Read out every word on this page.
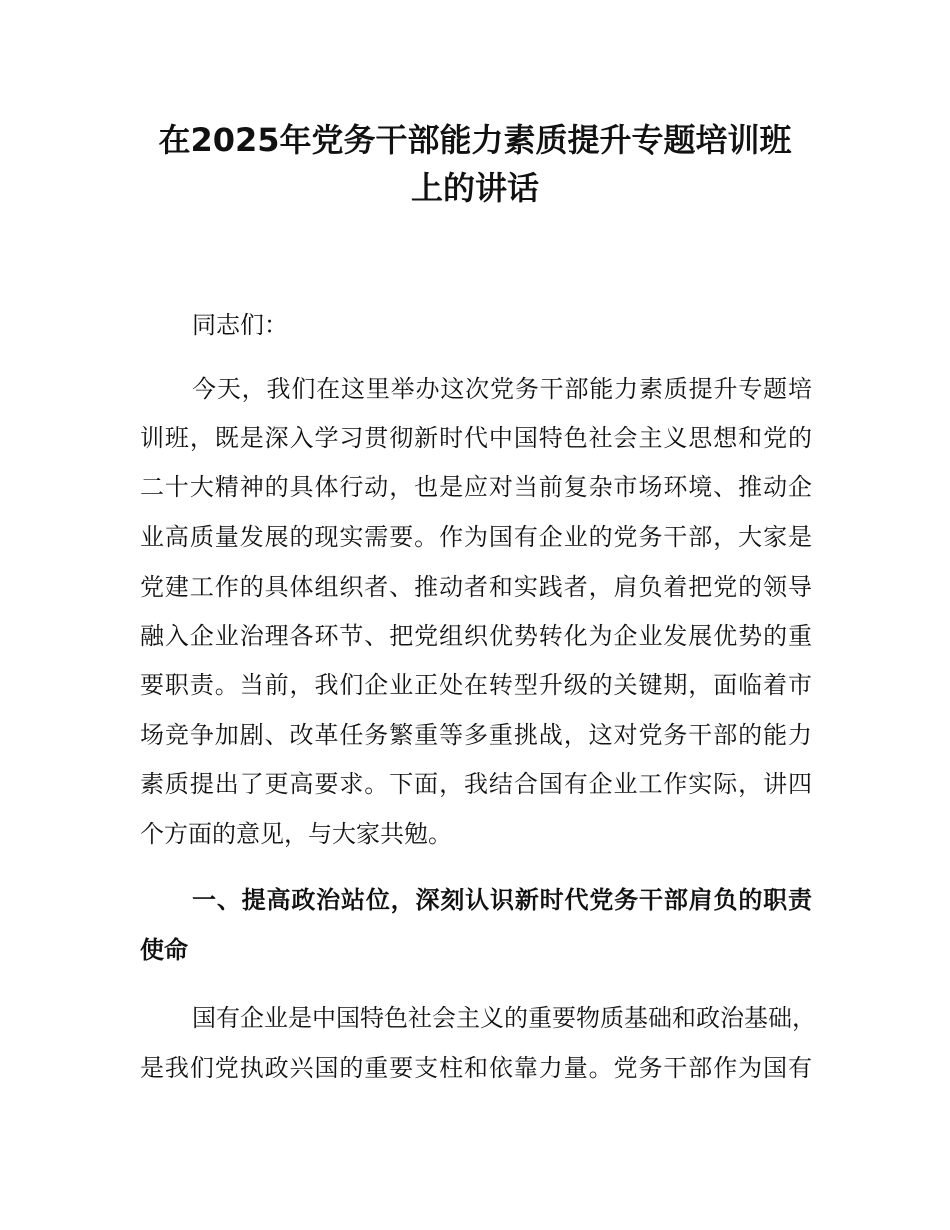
在2025年党务干部能力素质提升专题培训班
上的讲话
同志们：
今天，我们在这里举办这次党务干部能力素质提升专题培
训班，既是深入学习贯彻新时代中国特色社会主义思想和党的
二十大精神的具体行动，也是应对当前复杂市场环境、推动企
业高质量发展的现实需要。作为国有企业的党务干部，大家是
党建工作的具体组织者、推动者和实践者，肩负着把党的领导
融入企业治理各环节、把党组织优势转化为企业发展优势的重
要职责。当前，我们企业正处在转型升级的关键期，面临着市
场竞争加剧、改革任务繁重等多重挑战，这对党务干部的能力
素质提出了更高要求。下面，我结合国有企业工作实际，讲四
个方面的意见，与大家共勉。
一、提高政治站位，深刻认识新时代党务干部肩负的职责
使命
国有企业是中国特色社会主义的重要物质基础和政治基础，
是我们党执政兴国的重要支柱和依靠力量。党务干部作为国有
